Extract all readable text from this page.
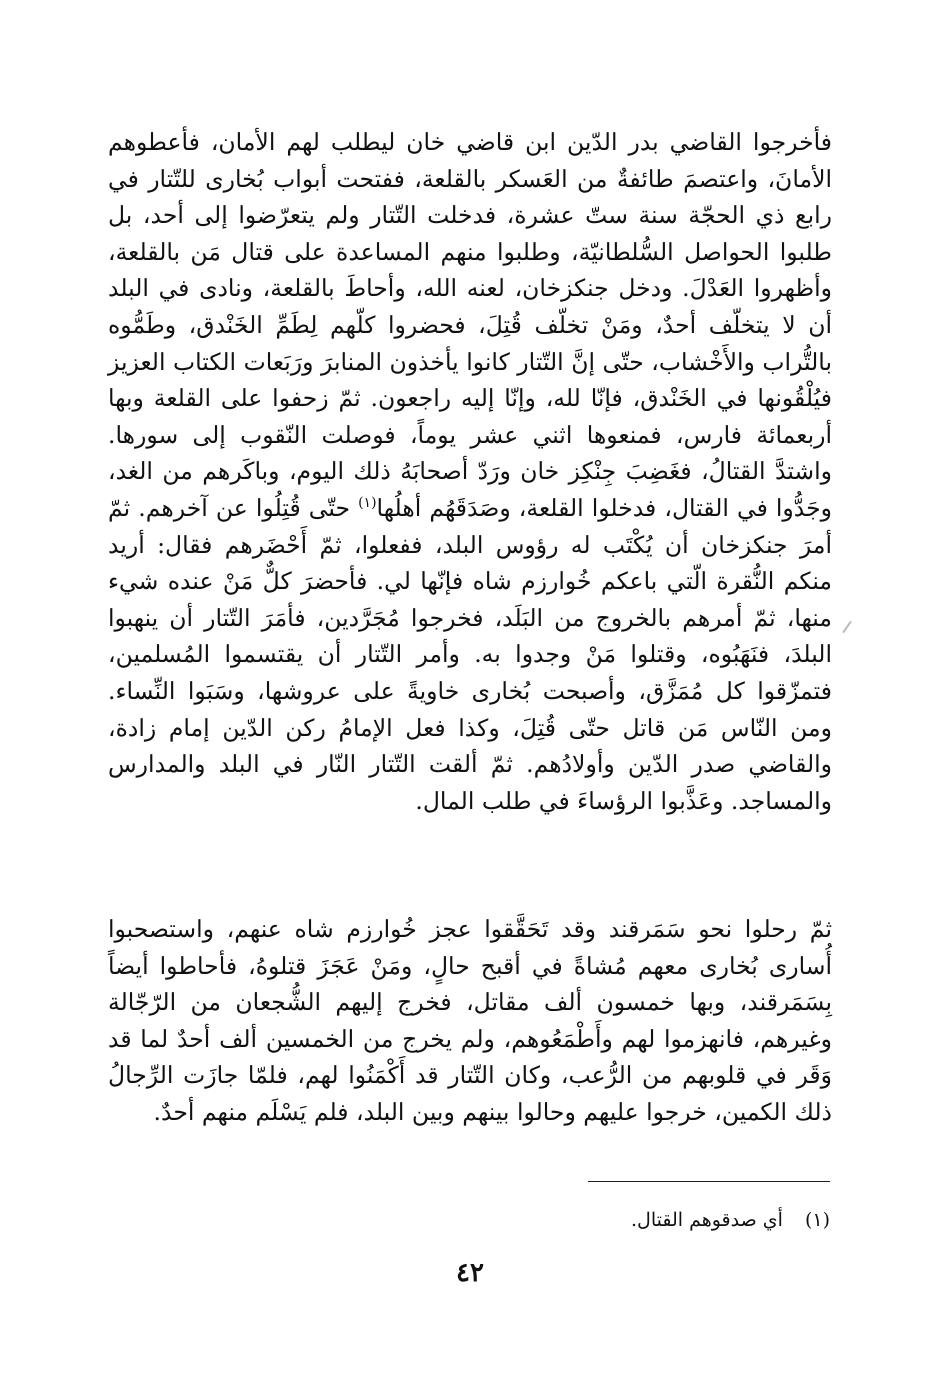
فأخرجوا القاضي بدر الدّين ابن قاضي خان ليطلب لهم الأمان، فأعطوهم الأمانَ، واعتصمَ طائفةٌ من العَسكر بالقلعة، ففتحت أبواب بُخارى للتّتار في رابع ذي الحجّة سنة ستّ عشرة، فدخلت التّتار ولم يتعرّضوا إلى أحد، بل طلبوا الحواصل السُّلطانيّة، وطلبوا منهم المساعدة على قتال مَن بالقلعة، وأظهروا العَدْلَ. ودخل جنكزخان، لعنه الله، وأحاطَ بالقلعة، ونادى في البلد أن لا يتخلّف أحدٌ، ومَنْ تخلّف قُتِلَ، فحضروا كلّهم لِطَمِّ الخَنْدق، وطَمُّوه بالتُّراب والأَخْشاب، حتّى إنَّ التّتار كانوا يأخذون المنابرَ ورَبَعات الكتاب العزيز فيُلْقُونها في الخَنْدق، فإنّا لله، وإنّا إليه راجعون. ثمّ زحفوا على القلعة وبها أربعمائة فارس، فمنعوها اثني عشر يوماً، فوصلت النّقوب إلى سورها. واشتدَّ القتالُ، فغَضِبَ جِنْكِز خان ورَدّ أصحابَهُ ذلك اليوم، وباكَرهم من الغد، وجَدُّوا في القتال، فدخلوا القلعة، وصَدَقَهُم أهلُها$^{(١)}$ حتّى قُتِلُوا عن آخرهم. ثمّ أمرَ جنكزخان أن يُكْتَب له رؤوس البلد، ففعلوا، ثمّ أَحْضَرهم فقال: أريد منكم النُّقرة الّتي باعكم خُوارزم شاه فإنّها لي. فأحضرَ كلٌّ مَنْ عنده شيء منها، ثمّ أمرهم بالخروج من البَلَد، فخرجوا مُجَرَّدين، فأمَرَ التّتار أن ينهبوا البلدَ، فنَهَبُوه، وقتلوا مَنْ وجدوا به. وأمر التّتار أن يقتسموا المُسلمين، فتمزّقوا كل مُمَزَّق، وأصبحت بُخارى خاويةً على عروشها، وسَبَوا النِّساء. ومن النّاس مَن قاتل حتّى قُتِلَ، وكذا فعل الإمامُ ركن الدّين إمام زادة، والقاضي صدر الدّين وأولادُهم. ثمّ ألقت التّتار النّار في البلد والمدارس والمساجد. وعَذَّبوا الرؤساءَ في طلب المال.

ثمّ رحلوا نحو سَمَرقند وقد تَحَقَّقوا عجز خُوارزم شاه عنهم، واستصحبوا أُسارى بُخارى معهم مُشاةً في أقبح حالٍ، ومَنْ عَجَزَ قتلوهُ، فأحاطوا أيضاً بِسَمَرقند، وبها خمسون ألف مقاتل، فخرج إليهم الشُّجعان من الرّجّالة وغيرهم، فانهزموا لهم وأَطْمَعُوهم، ولم يخرج من الخمسين ألف أحدٌ لما قد وَقَر في قلوبهم من الرُّعب، وكان التّتار قد أَكْمَنُوا لهم، فلمّا جازَت الرِّجالُ ذلك الكمين، خرجوا عليهم وحالوا بينهم وبين البلد، فلم يَسْلَم منهم أحدٌ.

(١)أي صدقوهم القتال.
٤٢
